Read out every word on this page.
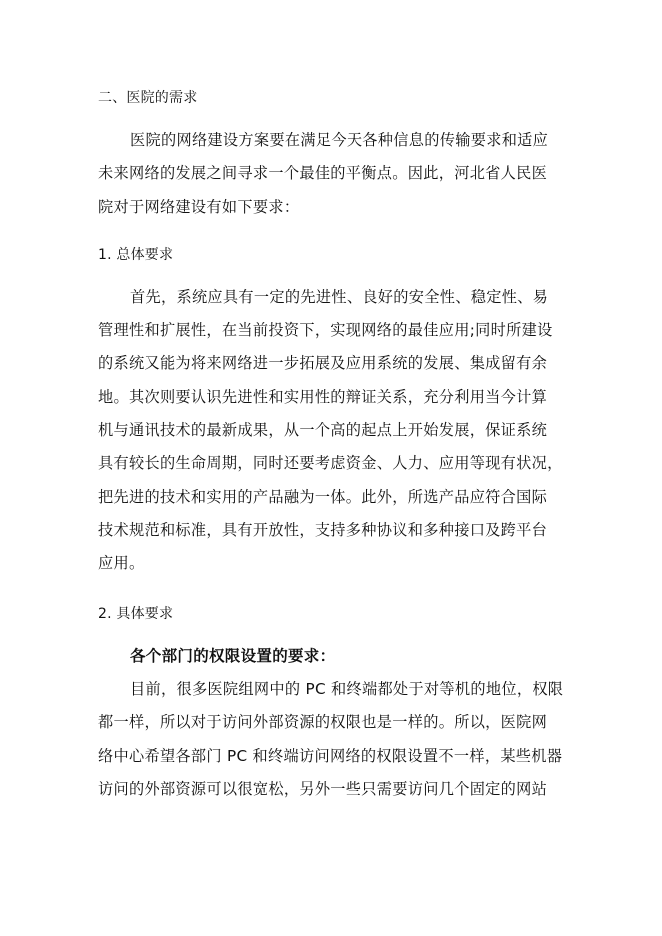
二、医院的需求
医院的网络建设方案要在满足今天各种信息的传输要求和适应
未来网络的发展之间寻求一个最佳的平衡点。因此，河北省人民医
院对于网络建设有如下要求：
1. 总体要求
首先，系统应具有一定的先进性、良好的安全性、稳定性、易
管理性和扩展性，在当前投资下，实现网络的最佳应用;同时所建设
的系统又能为将来网络进一步拓展及应用系统的发展、集成留有余
地。其次则要认识先进性和实用性的辩证关系，充分利用当今计算
机与通讯技术的最新成果，从一个高的起点上开始发展，保证系统
具有较长的生命周期，同时还要考虑资金、人力、应用等现有状况，
把先进的技术和实用的产品融为一体。此外，所选产品应符合国际
技术规范和标准，具有开放性，支持多种协议和多种接口及跨平台
应用。
2. 具体要求
各个部门的权限设置的要求：
目前，很多医院组网中的 PC 和终端都处于对等机的地位，权限
都一样，所以对于访问外部资源的权限也是一样的。所以，医院网
络中心希望各部门 PC 和终端访问网络的权限设置不一样，某些机器
访问的外部资源可以很宽松，另外一些只需要访问几个固定的网站
